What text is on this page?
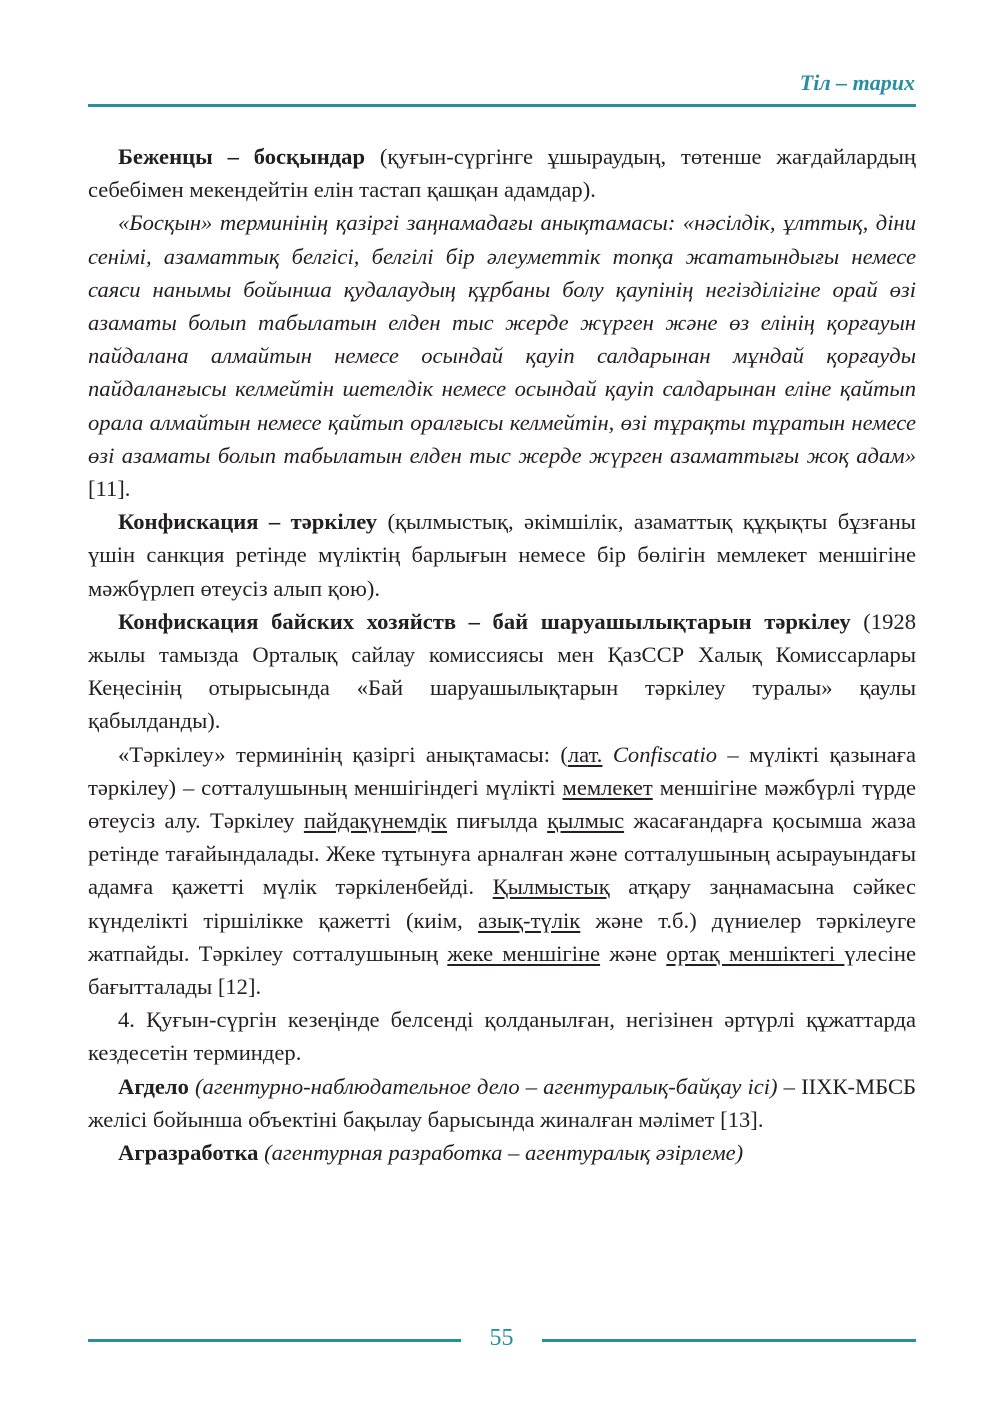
Тіл – тарих

Беженцы – босқындар (қуғын-сүргінге ұшыраудың, төтенше жағдайлардың себебімен мекендейтін елін тастап қашқан адамдар).

«Босқын» терминінің қазіргі заңнамадағы анықтамасы: «нәсілдік, ұлттық, діни сенімі, азаматтық белгісі, белгілі бір әлеуметтік топқа жататындығы немесе саяси нанымы бойынша қудалаудың құрбаны болу қаупінің негізділігіне орай өзі азаматы болып табылатын елден тыс жерде жүрген және өз елінің қорғауын пайдалана алмайтын немесе осындай қауіп салдарынан мұндай қорғауды пайдаланғысы келмейтін шетелдік немесе осындай қауіп салдарынан еліне қайтып орала алмайтын немесе қайтып оралғысы келмейтін, өзі тұрақты тұратын немесе өзі азаматы болып табылатын елден тыс жерде жүрген азаматтығы жоқ адам» [11].

Конфискация – тәркілеу (қылмыстық, әкімшілік, азаматтық құқықты бұзғаны үшін санкция ретінде мүліктің барлығын немесе бір бөлігін мемлекет меншігіне мәжбүрлеп өтеусіз алып қою).

Конфискация байских хозяйств – бай шаруашылықтарын тәркілеу (1928 жылы тамызда Орталық сайлау комиссиясы мен ҚазССР Халық Комиссарлары Кеңесінің отырысында «Бай шаруашылықтарын тәркілеу туралы» қаулы қабылданды).

«Тәркілеу» терминінің қазіргі анықтамасы: (лат. Confiscatio – мүлікті қазынаға тәркілеу) – сотталушының меншігіндегі мүлікті мемлекет меншігіне мәжбүрлі түрде өтеусіз алу. Тәркілеу пайдақүнемдік пиғылда қылмыс жасағандарға қосымша жаза ретінде тағайындалады. Жеке тұтынуға арналған және сотталушының асырауындағы адамға қажетті мүлік тәркіленбейді. Қылмыстық атқару заңнамасына сәйкес күнделікті тіршілікке қажетті (киім, азық-түлік және т.б.) дүниелер тәркілеуге жатпайды. Тәркілеу сотталушының жеке меншігіне және ортақ меншіктегі үлесіне бағытталады [12].

4. Қуғын-сүргін кезеңінде белсенді қолданылған, негізінен әртүрлі құжаттарда кездесетін терминдер.

Агдело (агентурно-наблюдательное дело – агентуралық-байқау ісі) – ІІХК-МБСБ желісі бойынша объектіні бақылау барысында жиналған мәлімет [13].

Агразработка (агентурная разработка – агентуралық әзірлеме)

55
